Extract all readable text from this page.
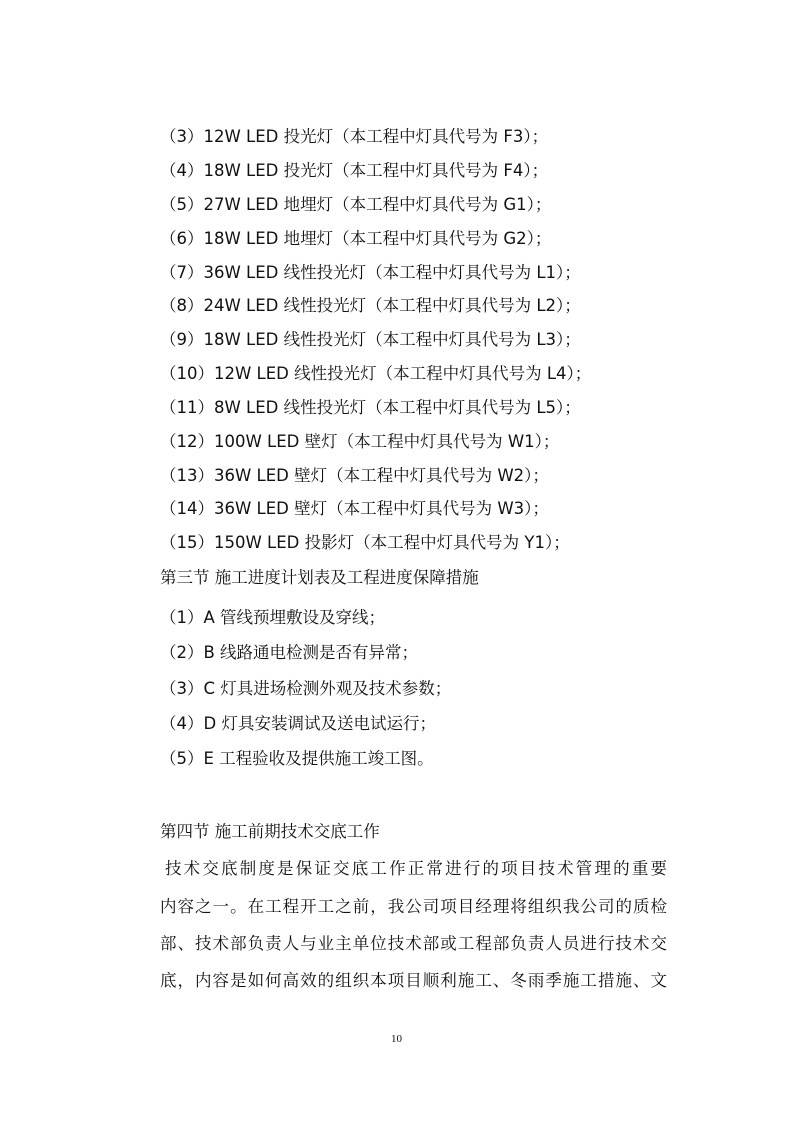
（3）12W LED 投光灯（本工程中灯具代号为 F3）；
（4）18W LED 投光灯（本工程中灯具代号为 F4）；
（5）27W LED 地埋灯（本工程中灯具代号为 G1）；
（6）18W LED 地埋灯（本工程中灯具代号为 G2）；
（7）36W LED 线性投光灯（本工程中灯具代号为 L1）；
（8）24W LED 线性投光灯（本工程中灯具代号为 L2）；
（9）18W LED 线性投光灯（本工程中灯具代号为 L3）；
（10）12W LED 线性投光灯（本工程中灯具代号为 L4）；
（11）8W LED 线性投光灯（本工程中灯具代号为 L5）；
（12）100W LED 壁灯（本工程中灯具代号为 W1）；
（13）36W LED 壁灯（本工程中灯具代号为 W2）；
（14）36W LED 壁灯（本工程中灯具代号为 W3）；
（15）150W LED 投影灯（本工程中灯具代号为 Y1）；
第三节 施工进度计划表及工程进度保障措施
（1）A 管线预埋敷设及穿线；
（2）B 线路通电检测是否有异常；
（3）C 灯具进场检测外观及技术参数；
（4）D 灯具安装调试及送电试运行；
（5）E 工程验收及提供施工竣工图。
第四节 施工前期技术交底工作
技术交底制度是保证交底工作正常进行的项目技术管理的重要
内容之一。在工程开工之前，我公司项目经理将组织我公司的质检
部、技术部负责人与业主单位技术部或工程部负责人员进行技术交
底，内容是如何高效的组织本项目顺利施工、冬雨季施工措施、文
10
